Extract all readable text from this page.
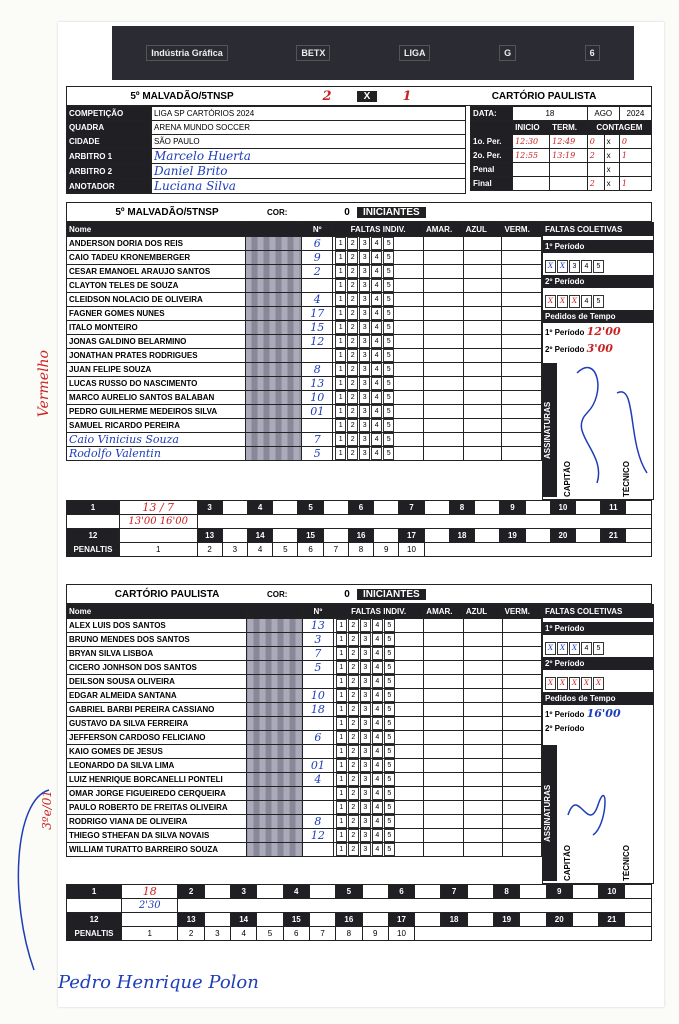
Indústria Gráfica	BETX	LIGA	G	6
5º MALVADÃO/5TNSP	2	X	1	CARTÓRIO PAULISTA
COMPETIÇÃO	LIGA SP CARTÓRIOS 2024
QUADRA	ARENA MUNDO SOCCER
CIDADE	SÃO PAULO
ARBITRO 1	Marcelo Huerta
ARBITRO 2	Daniel Brito
ANOTADOR	Luciana Silva
DATA:	18		AGO		2024
	INICIO	TERM.	CONTAGEM		
1o. Per.	12:30	12:49	0	x	0
2o. Per.	12:55	13:19	2	x	1
Penal				x	
Final			2	x	1
5º MALVADÃO/5TNSP	COR:	0	INICIANTES
Nome		Nº	FALTAS INDIV.	AMAR.	AZUL	VERM.
ANDERSON DORIA DOS REIS		6	1 2 3 4 5			
CAIO TADEU KRONEMBERGER		9	1 2 3 4 5			
CESAR EMANOEL ARAUJO SANTOS		2	1 2 3 4 5			
CLAYTON TELES DE SOUZA			1 2 3 4 5			
CLEIDSON NOLACIO DE OLIVEIRA		4	1 2 3 4 5			
FAGNER GOMES NUNES		17	1 2 3 4 5			
ITALO MONTEIRO		15	1 2 3 4 5			
JONAS GALDINO BELARMINO		12	1 2 3 4 5			
JONATHAN PRATES RODRIGUES			1 2 3 4 5			
JUAN FELIPE SOUZA		8	1 2 3 4 5			
LUCAS RUSSO DO NASCIMENTO		13	1 2 3 4 5			
MARCO AURELIO SANTOS BALABAN		10	1 2 3 4 5			
PEDRO GUILHERME MEDEIROS SILVA		01	1 2 3 4 5			
SAMUEL RICARDO PEREIRA			1 2 3 4 5			
Caio Vinicius Souza		7	1 2 3 4 5			
Rodolfo Valentin		5	1 2 3 4 5			
FALTAS COLETIVAS
1º Período
X X 3 4 5
2º Período
X X X 4 5
Pedidos de Tempo
1º Período 12'00
2º Período 3'00
ASSINATURAS
CAPITÃO	TÉCNICO
1	13 / 7	3		4		5		6		7		8		9		10		11	
	13'00 16'00																		
12		13		14		15		16		17		18		19		20		21	
PENALTIS	1	2	3	4	5	6	7	8	9	10									
CARTÓRIO PAULISTA	COR:	0	INICIANTES
Nome		Nº	FALTAS INDIV.	AMAR.	AZUL	VERM.
ALEX LUIS DOS SANTOS		13	1 2 3 4 5			
BRUNO MENDES DOS SANTOS		3	1 2 3 4 5			
BRYAN SILVA LISBOA		7	1 2 3 4 5			
CICERO JONHSON DOS SANTOS		5	1 2 3 4 5			
DEILSON SOUSA OLIVEIRA			1 2 3 4 5			
EDGAR ALMEIDA SANTANA		10	1 2 3 4 5			
GABRIEL BARBI PEREIRA CASSIANO		18	1 2 3 4 5			
GUSTAVO DA SILVA FERREIRA			1 2 3 4 5			
JEFFERSON CARDOSO FELICIANO		6	1 2 3 4 5			
KAIO GOMES DE JESUS			1 2 3 4 5			
LEONARDO DA SILVA LIMA		01	1 2 3 4 5			
LUIZ HENRIQUE BORCANELLI PONTELI		4	1 2 3 4 5			
OMAR JORGE FIGUEIREDO CERQUEIRA			1 2 3 4 5			
PAULO ROBERTO DE FREITAS OLIVEIRA			1 2 3 4 5			
RODRIGO VIANA DE OLIVEIRA		8	1 2 3 4 5			
THIEGO STHEFAN DA SILVA NOVAIS		12	1 2 3 4 5			
WILLIAM TURATTO BARREIRO SOUZA			1 2 3 4 5			
FALTAS COLETIVAS
1º Período
X X X 4 5
2º Período
X X X X X
Pedidos de Tempo
1º Período 16'00
2º Período
ASSINATURAS
CAPITÃO	TÉCNICO
1	18	2		3		4		5		6		7		8		9		10	
	2'30																		
12		13		14		15		16		17		18		19		20		21	
PENALTIS	1	2	3	4	5	6	7	8	9	10									
Vermelho
3ºe/01
Pedro Henrique Polon
